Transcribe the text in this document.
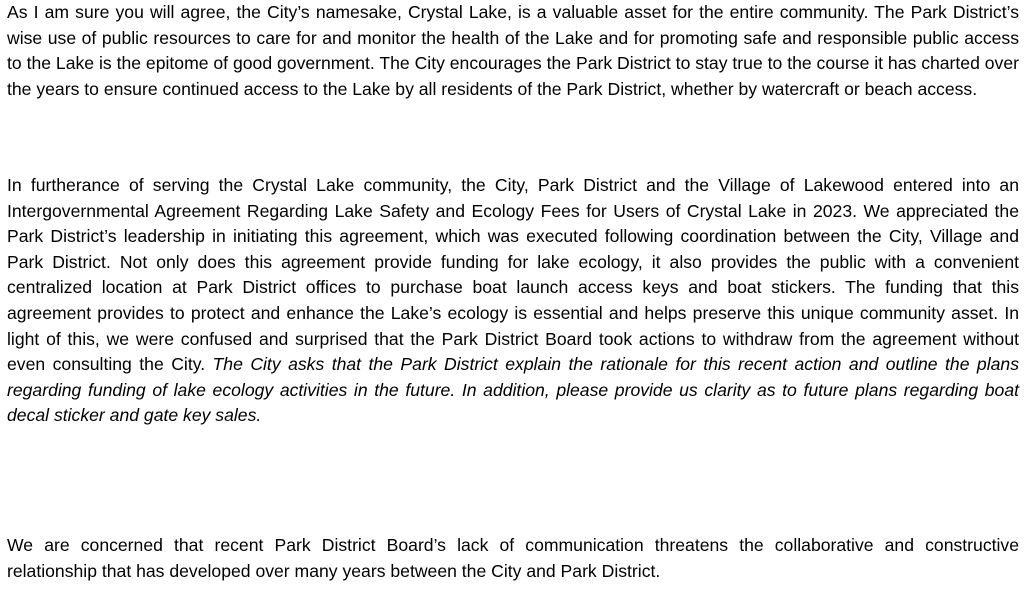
As I am sure you will agree, the City’s namesake, Crystal Lake, is a valuable asset for the entire community. The Park District’s wise use of public resources to care for and monitor the health of the Lake and for promoting safe and responsible public access to the Lake is the epitome of good government. The City encourages the Park District to stay true to the course it has charted over the years to ensure continued access to the Lake by all residents of the Park District, whether by watercraft or beach access.

In furtherance of serving the Crystal Lake community, the City, Park District and the Village of Lakewood entered into an Intergovernmental Agreement Regarding Lake Safety and Ecology Fees for Users of Crystal Lake in 2023. We appreciated the Park District’s leadership in initiating this agreement, which was executed following coordination between the City, Village and Park District. Not only does this agreement provide funding for lake ecology, it also provides the public with a convenient centralized location at Park District offices to purchase boat launch access keys and boat stickers. The funding that this agreement provides to protect and enhance the Lake’s ecology is essential and helps preserve this unique community asset. In light of this, we were confused and surprised that the Park District Board took actions to withdraw from the agreement without even consulting the City. The City asks that the Park District explain the rationale for this recent action and outline the plans regarding funding of lake ecology activities in the future. In addition, please provide us clarity as to future plans regarding boat decal sticker and gate key sales.

We are concerned that recent Park District Board’s lack of communication threatens the collaborative and constructive relationship that has developed over many years between the City and Park District.
